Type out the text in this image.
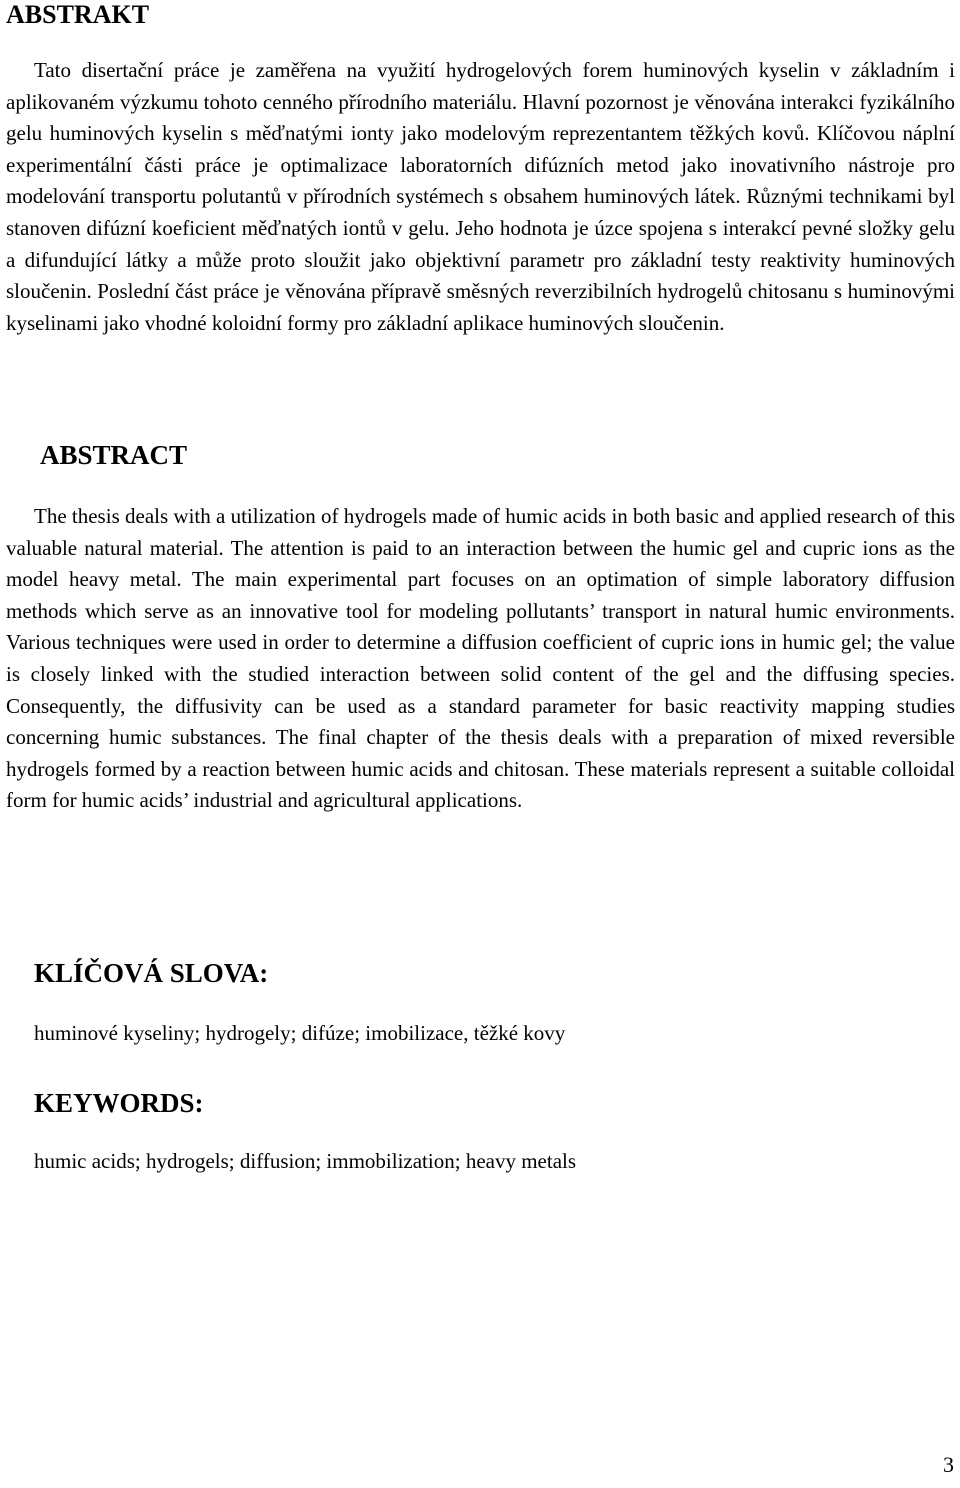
ABSTRAKT

Tato disertační práce je zaměřena na využití hydrogelových forem huminových kyselin v základním i aplikovaném výzkumu tohoto cenného přírodního materiálu. Hlavní pozornost je věnována interakci fyzikálního gelu huminových kyselin s měďnatými ionty jako modelovým reprezentantem těžkých kovů. Klíčovou náplní experimentální části práce je optimalizace laboratorních difúzních metod jako inovativního nástroje pro modelování transportu polutantů v přírodních systémech s obsahem huminových látek. Různými technikami byl stanoven difúzní koeficient měďnatých iontů v gelu. Jeho hodnota je úzce spojena s interakcí pevné složky gelu a difundující látky a může proto sloužit jako objektivní parametr pro základní testy reaktivity huminových sloučenin. Poslední část práce je věnována přípravě směsných reverzibilních hydrogelů chitosanu s huminovými kyselinami jako vhodné koloidní formy pro základní aplikace huminových sloučenin.

ABSTRACT

The thesis deals with a utilization of hydrogels made of humic acids in both basic and applied research of this valuable natural material. The attention is paid to an interaction between the humic gel and cupric ions as the model heavy metal. The main experimental part focuses on an optimation of simple laboratory diffusion methods which serve as an innovative tool for modeling pollutants’ transport in natural humic environments. Various techniques were used in order to determine a diffusion coefficient of cupric ions in humic gel; the value is closely linked with the studied interaction between solid content of the gel and the diffusing species. Consequently, the diffusivity can be used as a standard parameter for basic reactivity mapping studies concerning humic substances. The final chapter of the thesis deals with a preparation of mixed reversible hydrogels formed by a reaction between humic acids and chitosan. These materials represent a suitable colloidal form for humic acids’ industrial and agricultural applications.

KLÍČOVÁ SLOVA:

huminové kyseliny; hydrogely; difúze; imobilizace, těžké kovy

KEYWORDS:

humic acids; hydrogels; diffusion; immobilization; heavy metals

3
